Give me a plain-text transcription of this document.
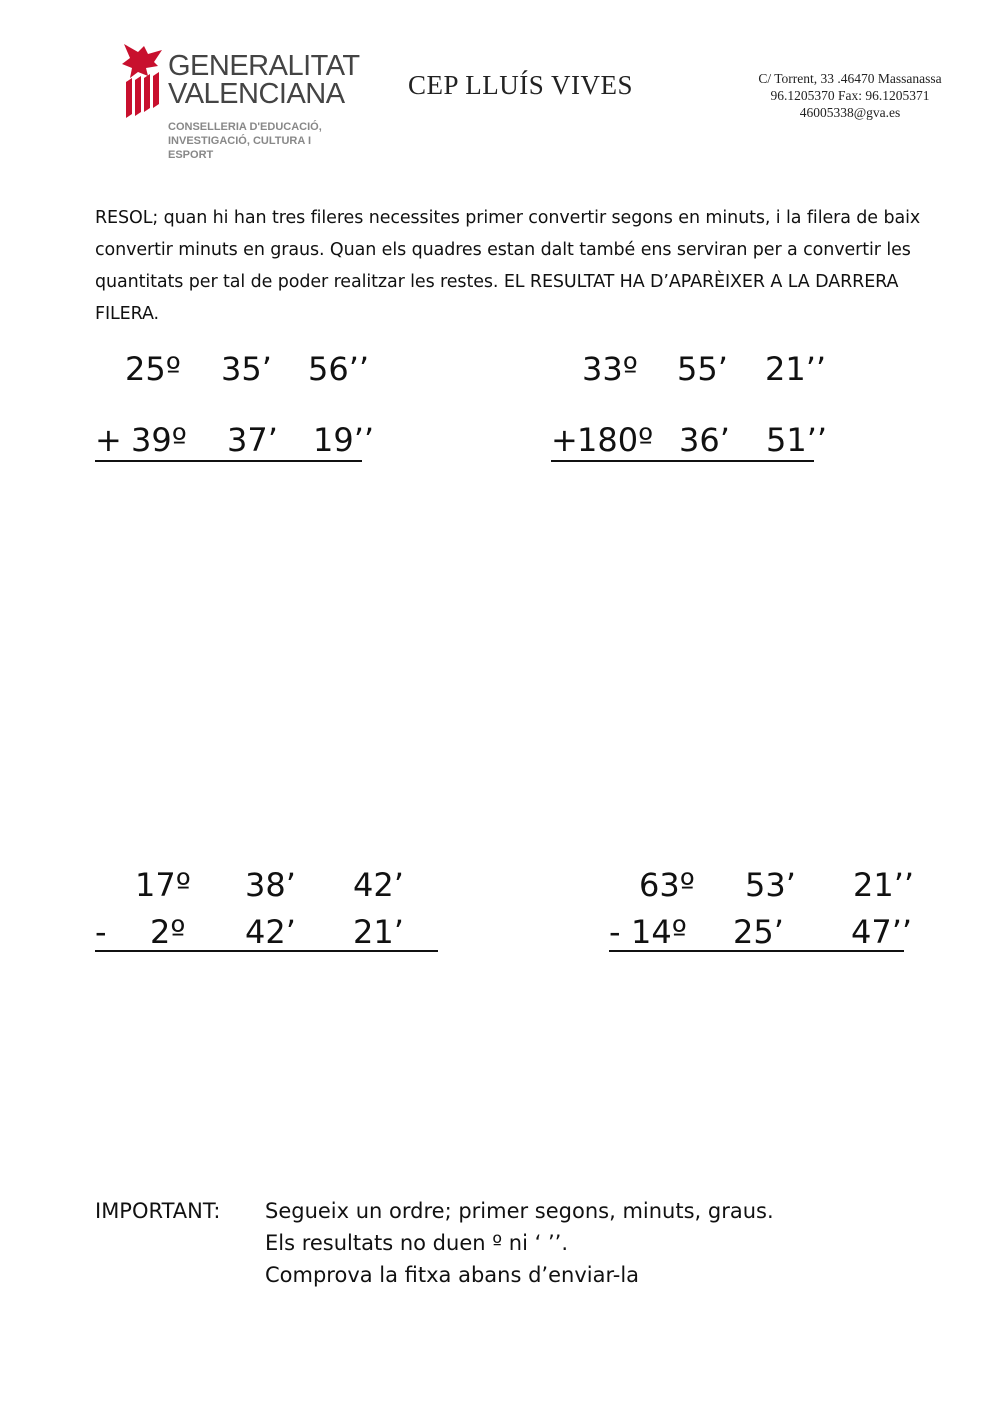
GENERALITAT
VALENCIANA
CONSELLERIA D'EDUCACIÓ,
INVESTIGACIÓ, CULTURA I ESPORT
CEP LLUÍS VIVES	C/ Torrent, 33 .46470 Massanassa
96.1205370 Fax: 96.1205371
46005338@gva.es
RESOL; quan hi han tres fileres necessites primer convertir segons en minuts, i la filera de baix convertir minuts en graus. Quan els quadres estan dalt també ens serviran per a convertir les quantitats per tal de poder realitzar les restes. EL RESULTAT HA D’APARÈIXER A LA DARRERA FILERA.
25º 35’ 56’’
+ 39º 37’ 19’’
33º 55’ 21’’
+ 180º 36’ 51’’
17º 38’ 42’
- 2º 42’ 21’
63º 53’ 21’’
- 14º 25’ 47’’
IMPORTANT: Segueix un ordre; primer segons, minuts, graus.
Els resultats no duen º ni ‘ ’’.
Comprova la fitxa abans d’enviar-la
